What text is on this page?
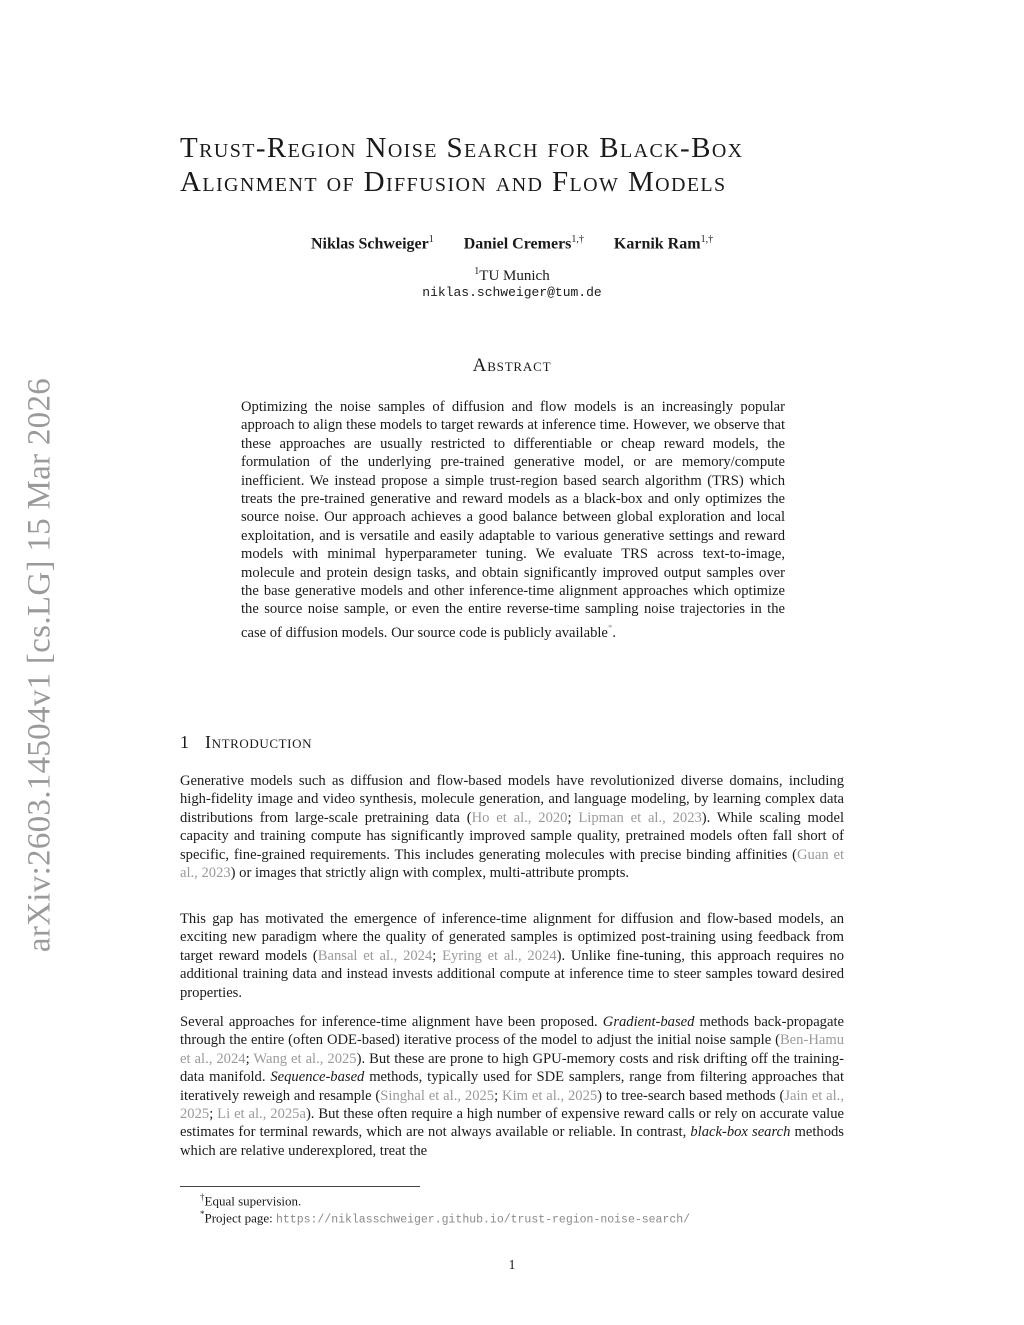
arXiv:2603.14504v1 [cs.LG] 15 Mar 2026
Trust-Region Noise Search for Black-Box
Alignment of Diffusion and Flow Models
Niklas Schweiger$^1$ Daniel Cremers$^{1,\dagger}$ Karnik Ram$^{1,\dagger}$
$^1$TU Munich
niklas.schweiger@tum.de
Abstract
Optimizing the noise samples of diffusion and flow models is an increasingly popular approach to align these models to target rewards at inference time. However, we observe that these approaches are usually restricted to differentiable or cheap reward models, the formulation of the underlying pre-trained generative model, or are memory/compute inefficient. We instead propose a simple trust-region based search algorithm (TRS) which treats the pre-trained generative and reward models as a black-box and only optimizes the source noise. Our approach achieves a good balance between global exploration and local exploitation, and is versatile and easily adaptable to various generative settings and reward models with minimal hyperparameter tuning. We evaluate TRS across text-to-image, molecule and protein design tasks, and obtain significantly improved output samples over the base generative models and other inference-time alignment approaches which optimize the source noise sample, or even the entire reverse-time sampling noise trajectories in the case of diffusion models. Our source code is publicly available*.
1 Introduction
Generative models such as diffusion and flow-based models have revolutionized diverse domains, including high-fidelity image and video synthesis, molecule generation, and language modeling, by learning complex data distributions from large-scale pretraining data (Ho et al., 2020; Lipman et al., 2023). While scaling model capacity and training compute has significantly improved sample quality, pretrained models often fall short of specific, fine-grained requirements. This includes generating molecules with precise binding affinities (Guan et al., 2023) or images that strictly align with complex, multi-attribute prompts.
This gap has motivated the emergence of inference-time alignment for diffusion and flow-based models, an exciting new paradigm where the quality of generated samples is optimized post-training using feedback from target reward models (Bansal et al., 2024; Eyring et al., 2024). Unlike fine-tuning, this approach requires no additional training data and instead invests additional compute at inference time to steer samples toward desired properties.
Several approaches for inference-time alignment have been proposed. Gradient-based methods back-propagate through the entire (often ODE-based) iterative process of the model to adjust the initial noise sample (Ben-Hamu et al., 2024; Wang et al., 2025). But these are prone to high GPU-memory costs and risk drifting off the training-data manifold. Sequence-based methods, typically used for SDE samplers, range from filtering approaches that iteratively reweigh and resample (Singhal et al., 2025; Kim et al., 2025) to tree-search based methods (Jain et al., 2025; Li et al., 2025a). But these often require a high number of expensive reward calls or rely on accurate value estimates for terminal rewards, which are not always available or reliable. In contrast, black-box search methods which are relative underexplored, treat the
†Equal supervision.
*Project page: https://niklasschweiger.github.io/trust-region-noise-search/
1
